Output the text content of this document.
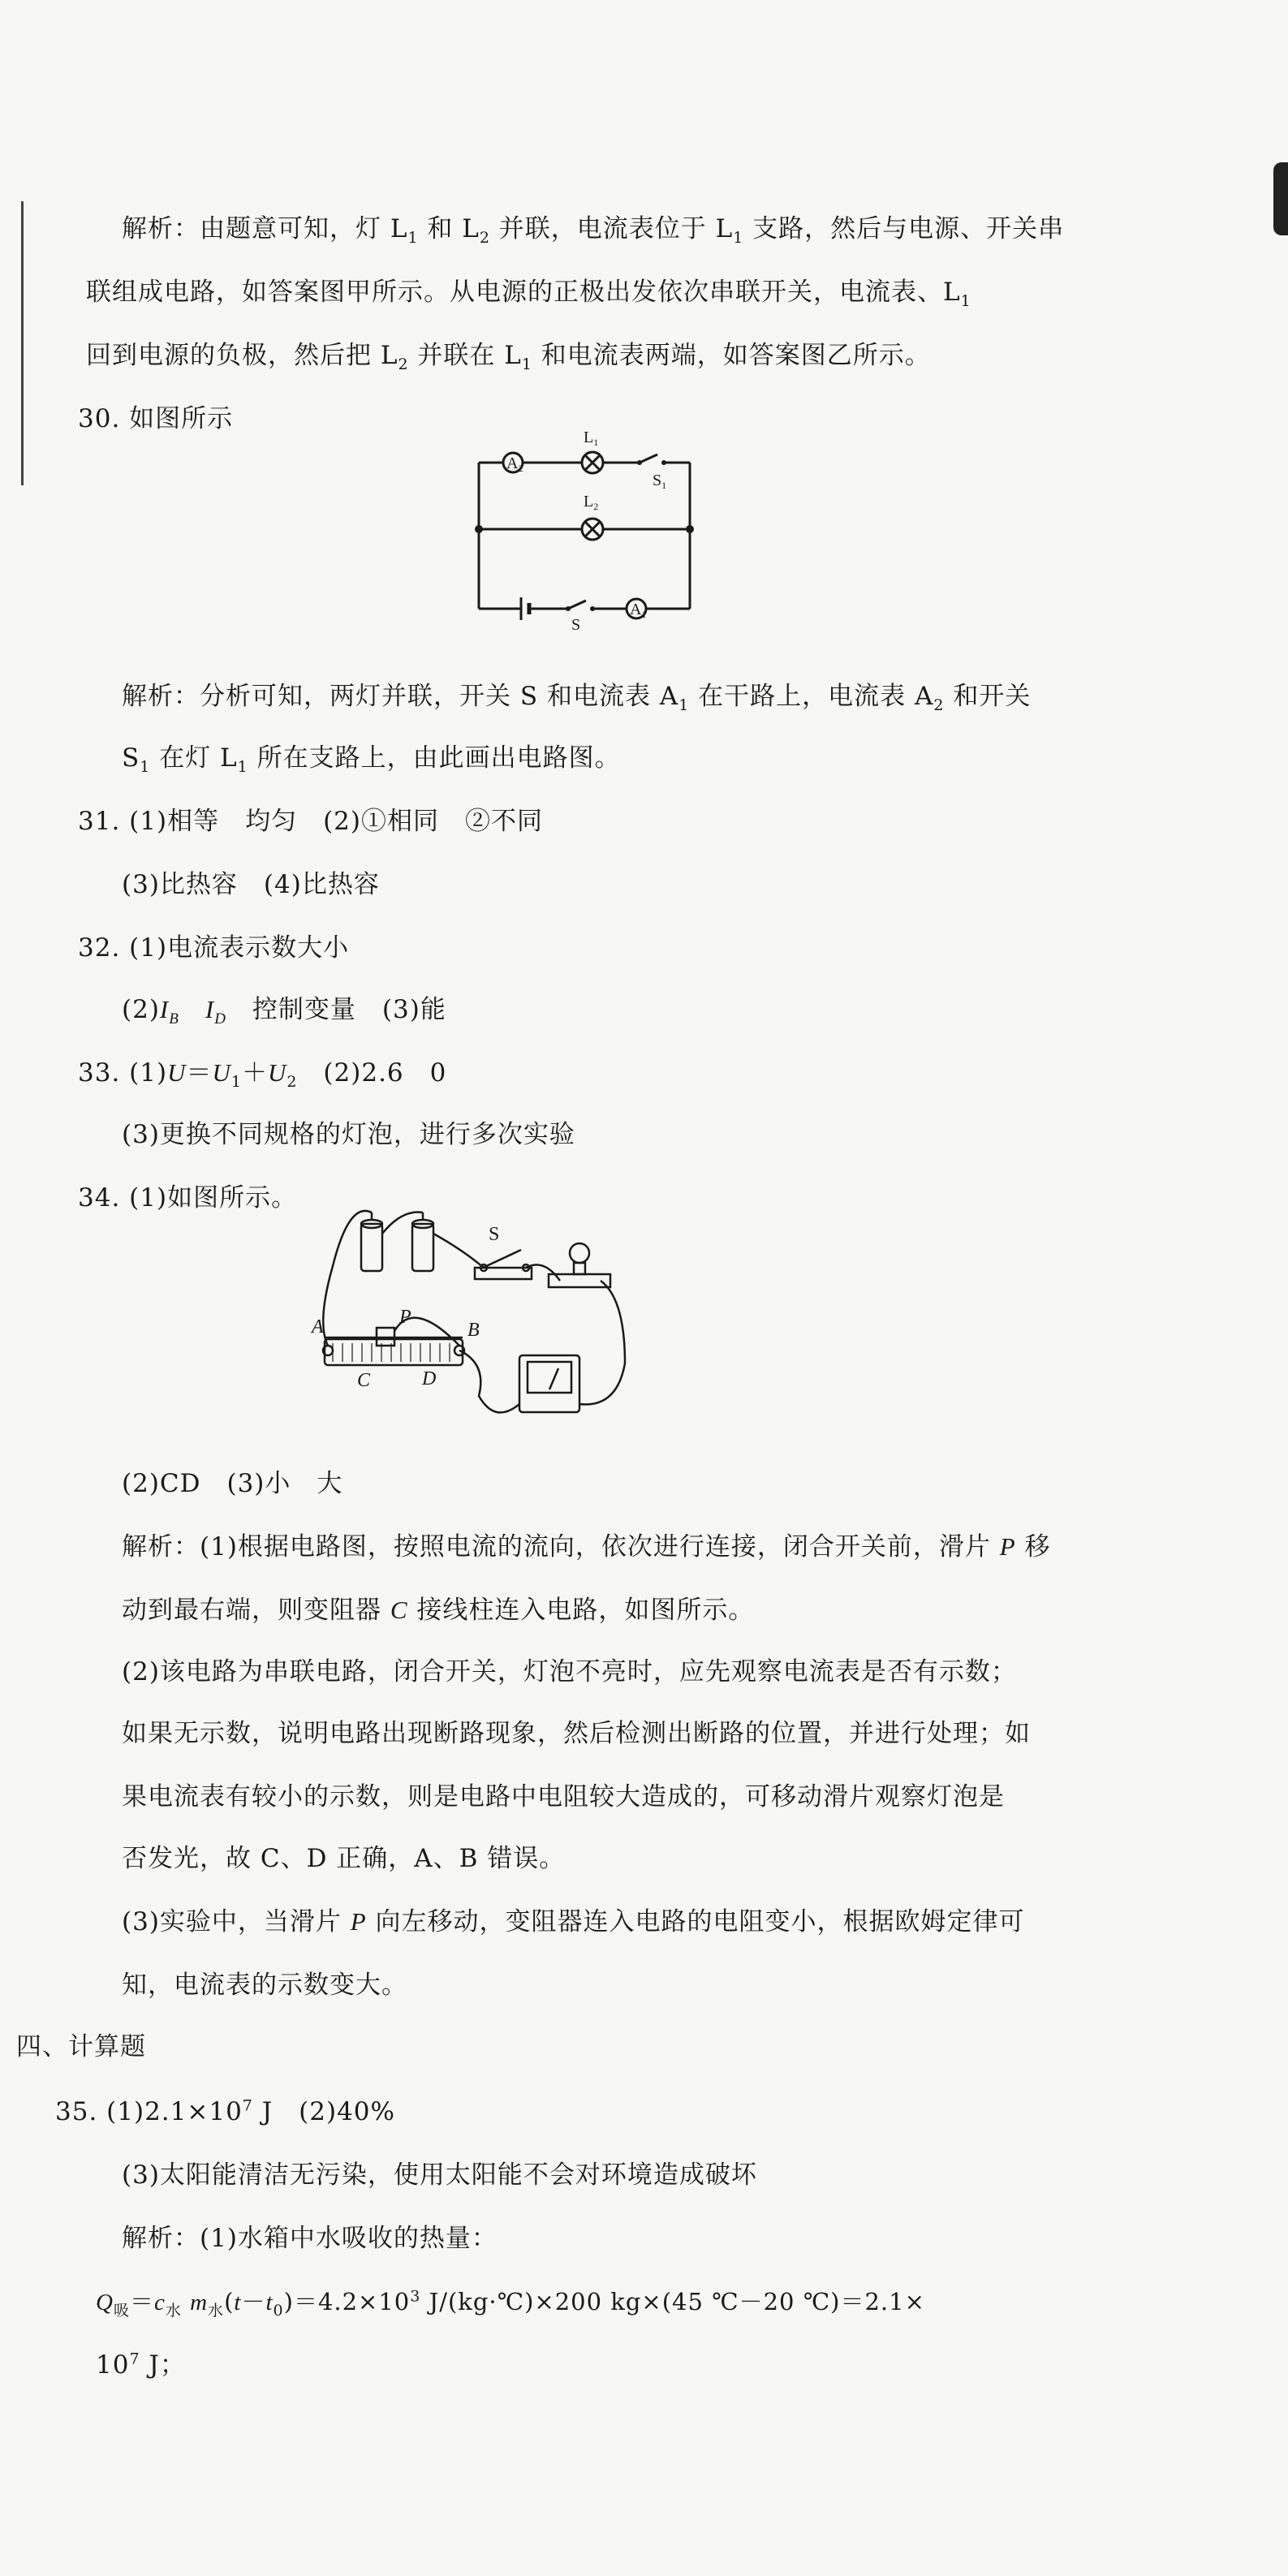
解析：由题意可知，灯 $L_1$ 和 $L_2$ 并联，电流表位于 $L_1$ 支路，然后与电源、开关串
联组成电路，如答案图甲所示。从电源的正极出发依次串联开关，电流表、$L_1$
回到电源的负极，然后把 $L_2$ 并联在 $L_1$ 和电流表两端，如答案图乙所示。
30. 如图所示
$A_2$
$A_1$
$L_1$
$L_2$
$S_1$
S
解析：分析可知，两灯并联，开关 S 和电流表 $A_1$ 在干路上，电流表 $A_2$ 和开关
$S_1$ 在灯 $L_1$ 所在支路上，由此画出电路图。
31. (1)相等　均匀　(2)①相同　②不同
(3)比热容　(4)比热容
32. (1)电流表示数大小
$(2)I_B$　 $I_D$　控制变量　(3)能
33. $(1)U=U_1+U_2$　(2)2.6　0
(3)更换不同规格的灯泡，进行多次实验
34. (1)如图所示。
S
P
A	B
C	D
(2)CD　(3)小　大
解析：(1)根据电路图，按照电流的流向，依次进行连接，闭合开关前，滑片 P 移
动到最右端，则变阻器 C 接线柱连入电路，如图所示。
(2)该电路为串联电路，闭合开关，灯泡不亮时，应先观察电流表是否有示数；
如果无示数，说明电路出现断路现象，然后检测出断路的位置，并进行处理；如
果电流表有较小的示数，则是电路中电阻较大造成的，可移动滑片观察灯泡是
否发光，故 C、D 正确，A、B 错误。
(3)实验中，当滑片 P 向左移动，变阻器连入电路的电阻变小，根据欧姆定律可
知，电流表的示数变大。
四、计算题
35. $(1)2.1\times 10^7$ J　(2)40%
(3)太阳能清洁无污染，使用太阳能不会对环境造成破坏
解析：(1)水箱中水吸收的热量：
$Q_吸=c_水$ $m_水(t-t_0)=4.2\times 10^3$ J/(kg·℃)×200 kg×(45 ℃－20 ℃)＝2.1×
$10^7$ J；
